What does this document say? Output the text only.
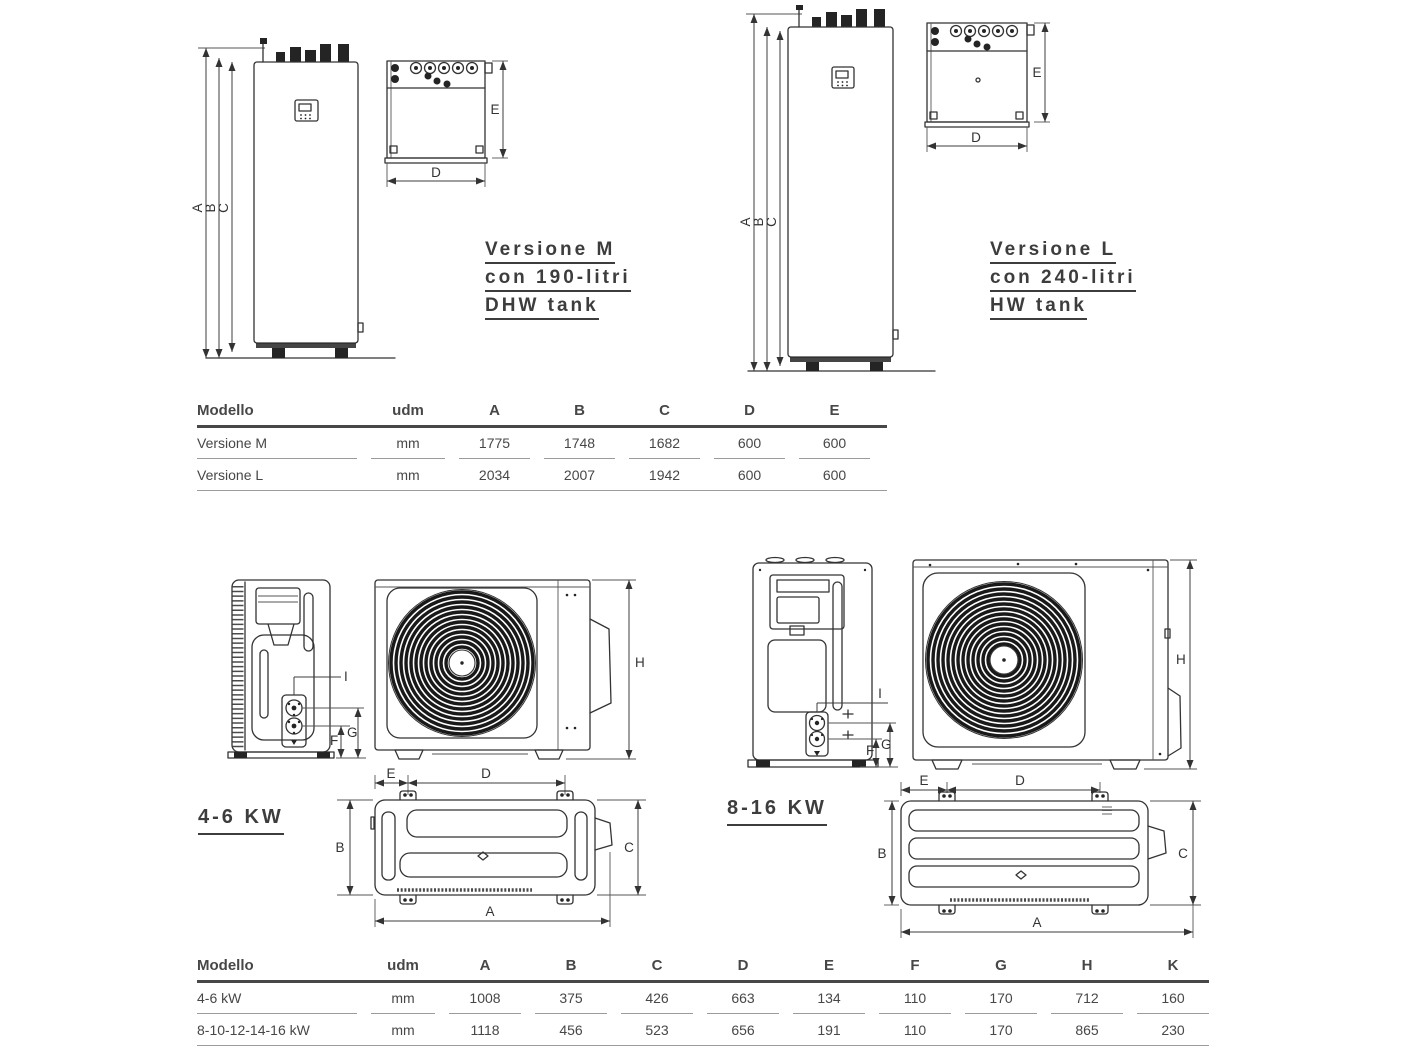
A
B
C
D
E
A
B
C
D
E
Versione M
con 190-litri
DHW tank
Versione L
con 240-litri
HW tank
Modello	udm	A	B	C	D	E
Versione M	mm	1775	1748	1682	600	600
Versione L	mm	2034	2007	1942	600	600
I
G
F
H
E	D
B	C
A
I
G
F
H
E	D
B	C
A
4-6 KW	8-16 KW
Modello	udm	A	B	C	D	E	F	G	H	K
4-6 kW	mm	1008	375	426	663	134	110	170	712	160
8-10-12-14-16 kW	mm	1118	456	523	656	191	110	170	865	230
